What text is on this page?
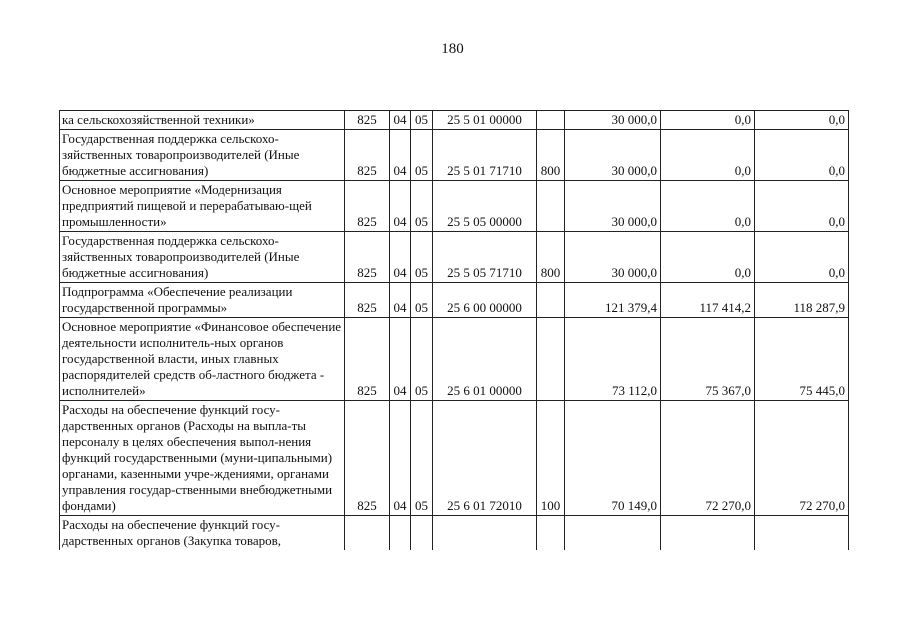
180
ка сельскохозяйственной техники»	825	04	05	25 5 01 00000		30 000,0	0,0	0,0
Государственная поддержка сельскохо-зяйственных товаропроизводителей (Иные бюджетные ассигнования)	825	04	05	25 5 01 71710	800	30 000,0	0,0	0,0
Основное мероприятие «Модернизация предприятий пищевой и перерабатываю-щей промышленности»	825	04	05	25 5 05 00000		30 000,0	0,0	0,0
Государственная поддержка сельскохо-зяйственных товаропроизводителей (Иные бюджетные ассигнования)	825	04	05	25 5 05 71710	800	30 000,0	0,0	0,0
Подпрограмма «Обеспечение реализации государственной программы»	825	04	05	25 6 00 00000		121 379,4	117 414,2	118 287,9
Основное мероприятие «Финансовое обеспечение деятельности исполнитель-ных органов государственной власти, иных главных распорядителей средств об-ластного бюджета - исполнителей»	825	04	05	25 6 01 00000		73 112,0	75 367,0	75 445,0
Расходы на обеспечение функций госу-дарственных органов (Расходы на выпла-ты персоналу в целях обеспечения выпол-нения функций государственными (муни-ципальными) органами, казенными учре-ждениями, органами управления государ-ственными внебюджетными фондами)	825	04	05	25 6 01 72010	100	70 149,0	72 270,0	72 270,0
Расходы на обеспечение функций госу-дарственных органов (Закупка товаров,								
